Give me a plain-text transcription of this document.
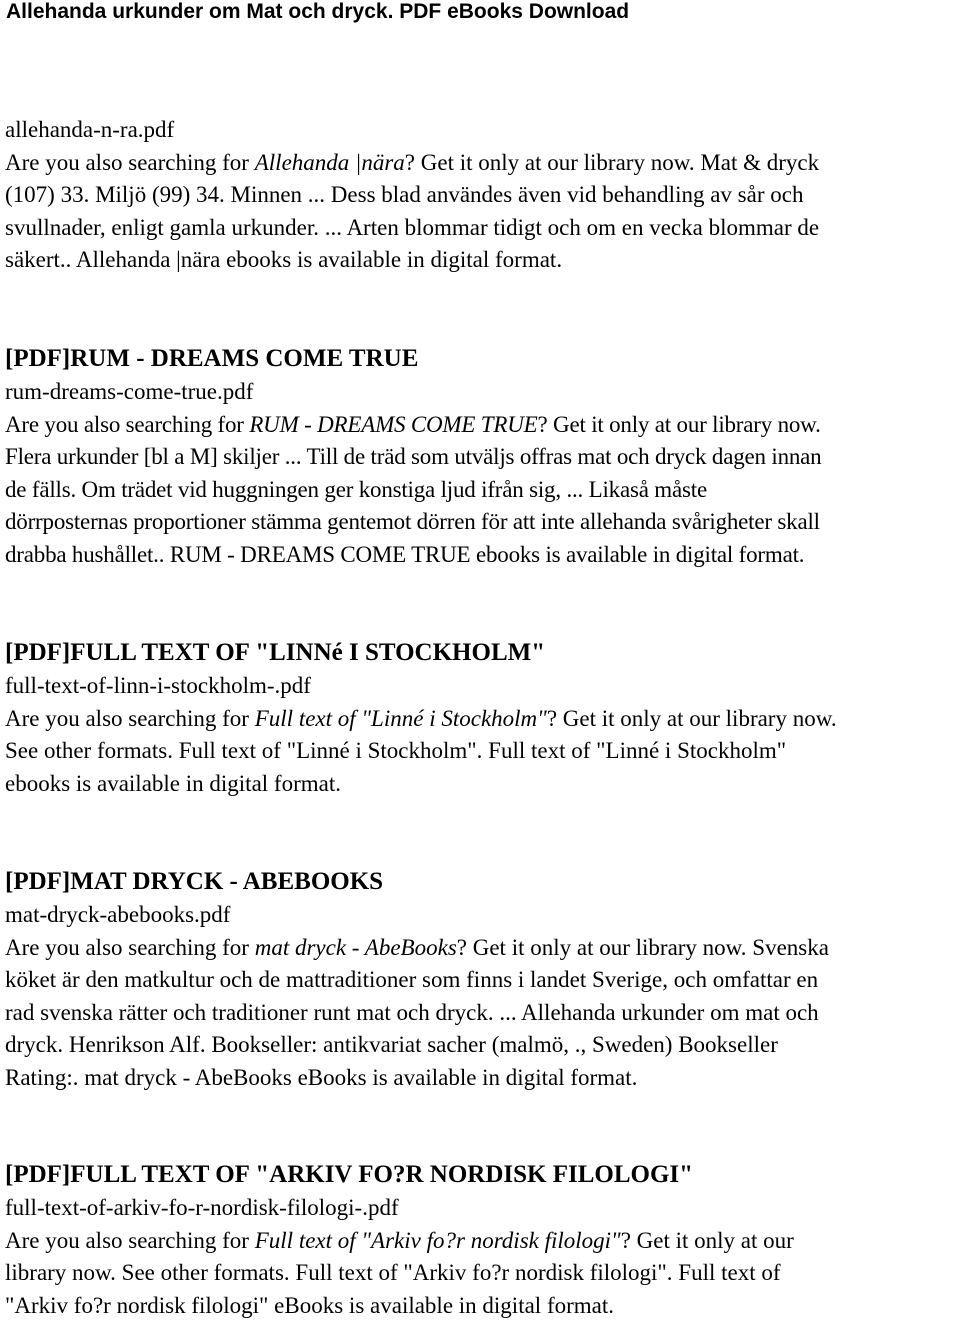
Allehanda urkunder om Mat och dryck. PDF eBooks Download
allehanda-n-ra.pdf
Are you also searching for Allehanda |nära? Get it only at our library now. Mat & dryck
(107) 33. Miljö (99) 34. Minnen ... Dess blad användes även vid behandling av sår och
svullnader, enligt gamla urkunder. ... Arten blommar tidigt och om en vecka blommar de
säkert.. Allehanda |nära ebooks is available in digital format.
[PDF]RUM - DREAMS COME TRUE
rum-dreams-come-true.pdf
Are you also searching for RUM - DREAMS COME TRUE? Get it only at our library now.
Flera urkunder [bl a M] skiljer ... Till de träd som utväljs offras mat och dryck dagen innan
de fälls. Om trädet vid huggningen ger konstiga ljud ifrån sig, ... Likaså måste
dörrposternas proportioner stämma gentemot dörren för att inte allehanda svårigheter skall
drabba hushållet.. RUM - DREAMS COME TRUE ebooks is available in digital format.
[PDF]FULL TEXT OF "LINNé I STOCKHOLM"
full-text-of-linn-i-stockholm-.pdf
Are you also searching for Full text of "Linné i Stockholm"? Get it only at our library now.
See other formats. Full text of "Linné i Stockholm". Full text of "Linné i Stockholm"
ebooks is available in digital format.
[PDF]MAT DRYCK - ABEBOOKS
mat-dryck-abebooks.pdf
Are you also searching for mat dryck - AbeBooks? Get it only at our library now. Svenska
köket är den matkultur och de mattraditioner som finns i landet Sverige, och omfattar en
rad svenska rätter och traditioner runt mat och dryck. ... Allehanda urkunder om mat och
dryck. Henrikson Alf. Bookseller: antikvariat sacher (malmö, ., Sweden) Bookseller
Rating:. mat dryck - AbeBooks eBooks is available in digital format.
[PDF]FULL TEXT OF "ARKIV FO?R NORDISK FILOLOGI"
full-text-of-arkiv-fo-r-nordisk-filologi-.pdf
Are you also searching for Full text of "Arkiv fo?r nordisk filologi"? Get it only at our
library now. See other formats. Full text of "Arkiv fo?r nordisk filologi". Full text of
"Arkiv fo?r nordisk filologi" eBooks is available in digital format.
